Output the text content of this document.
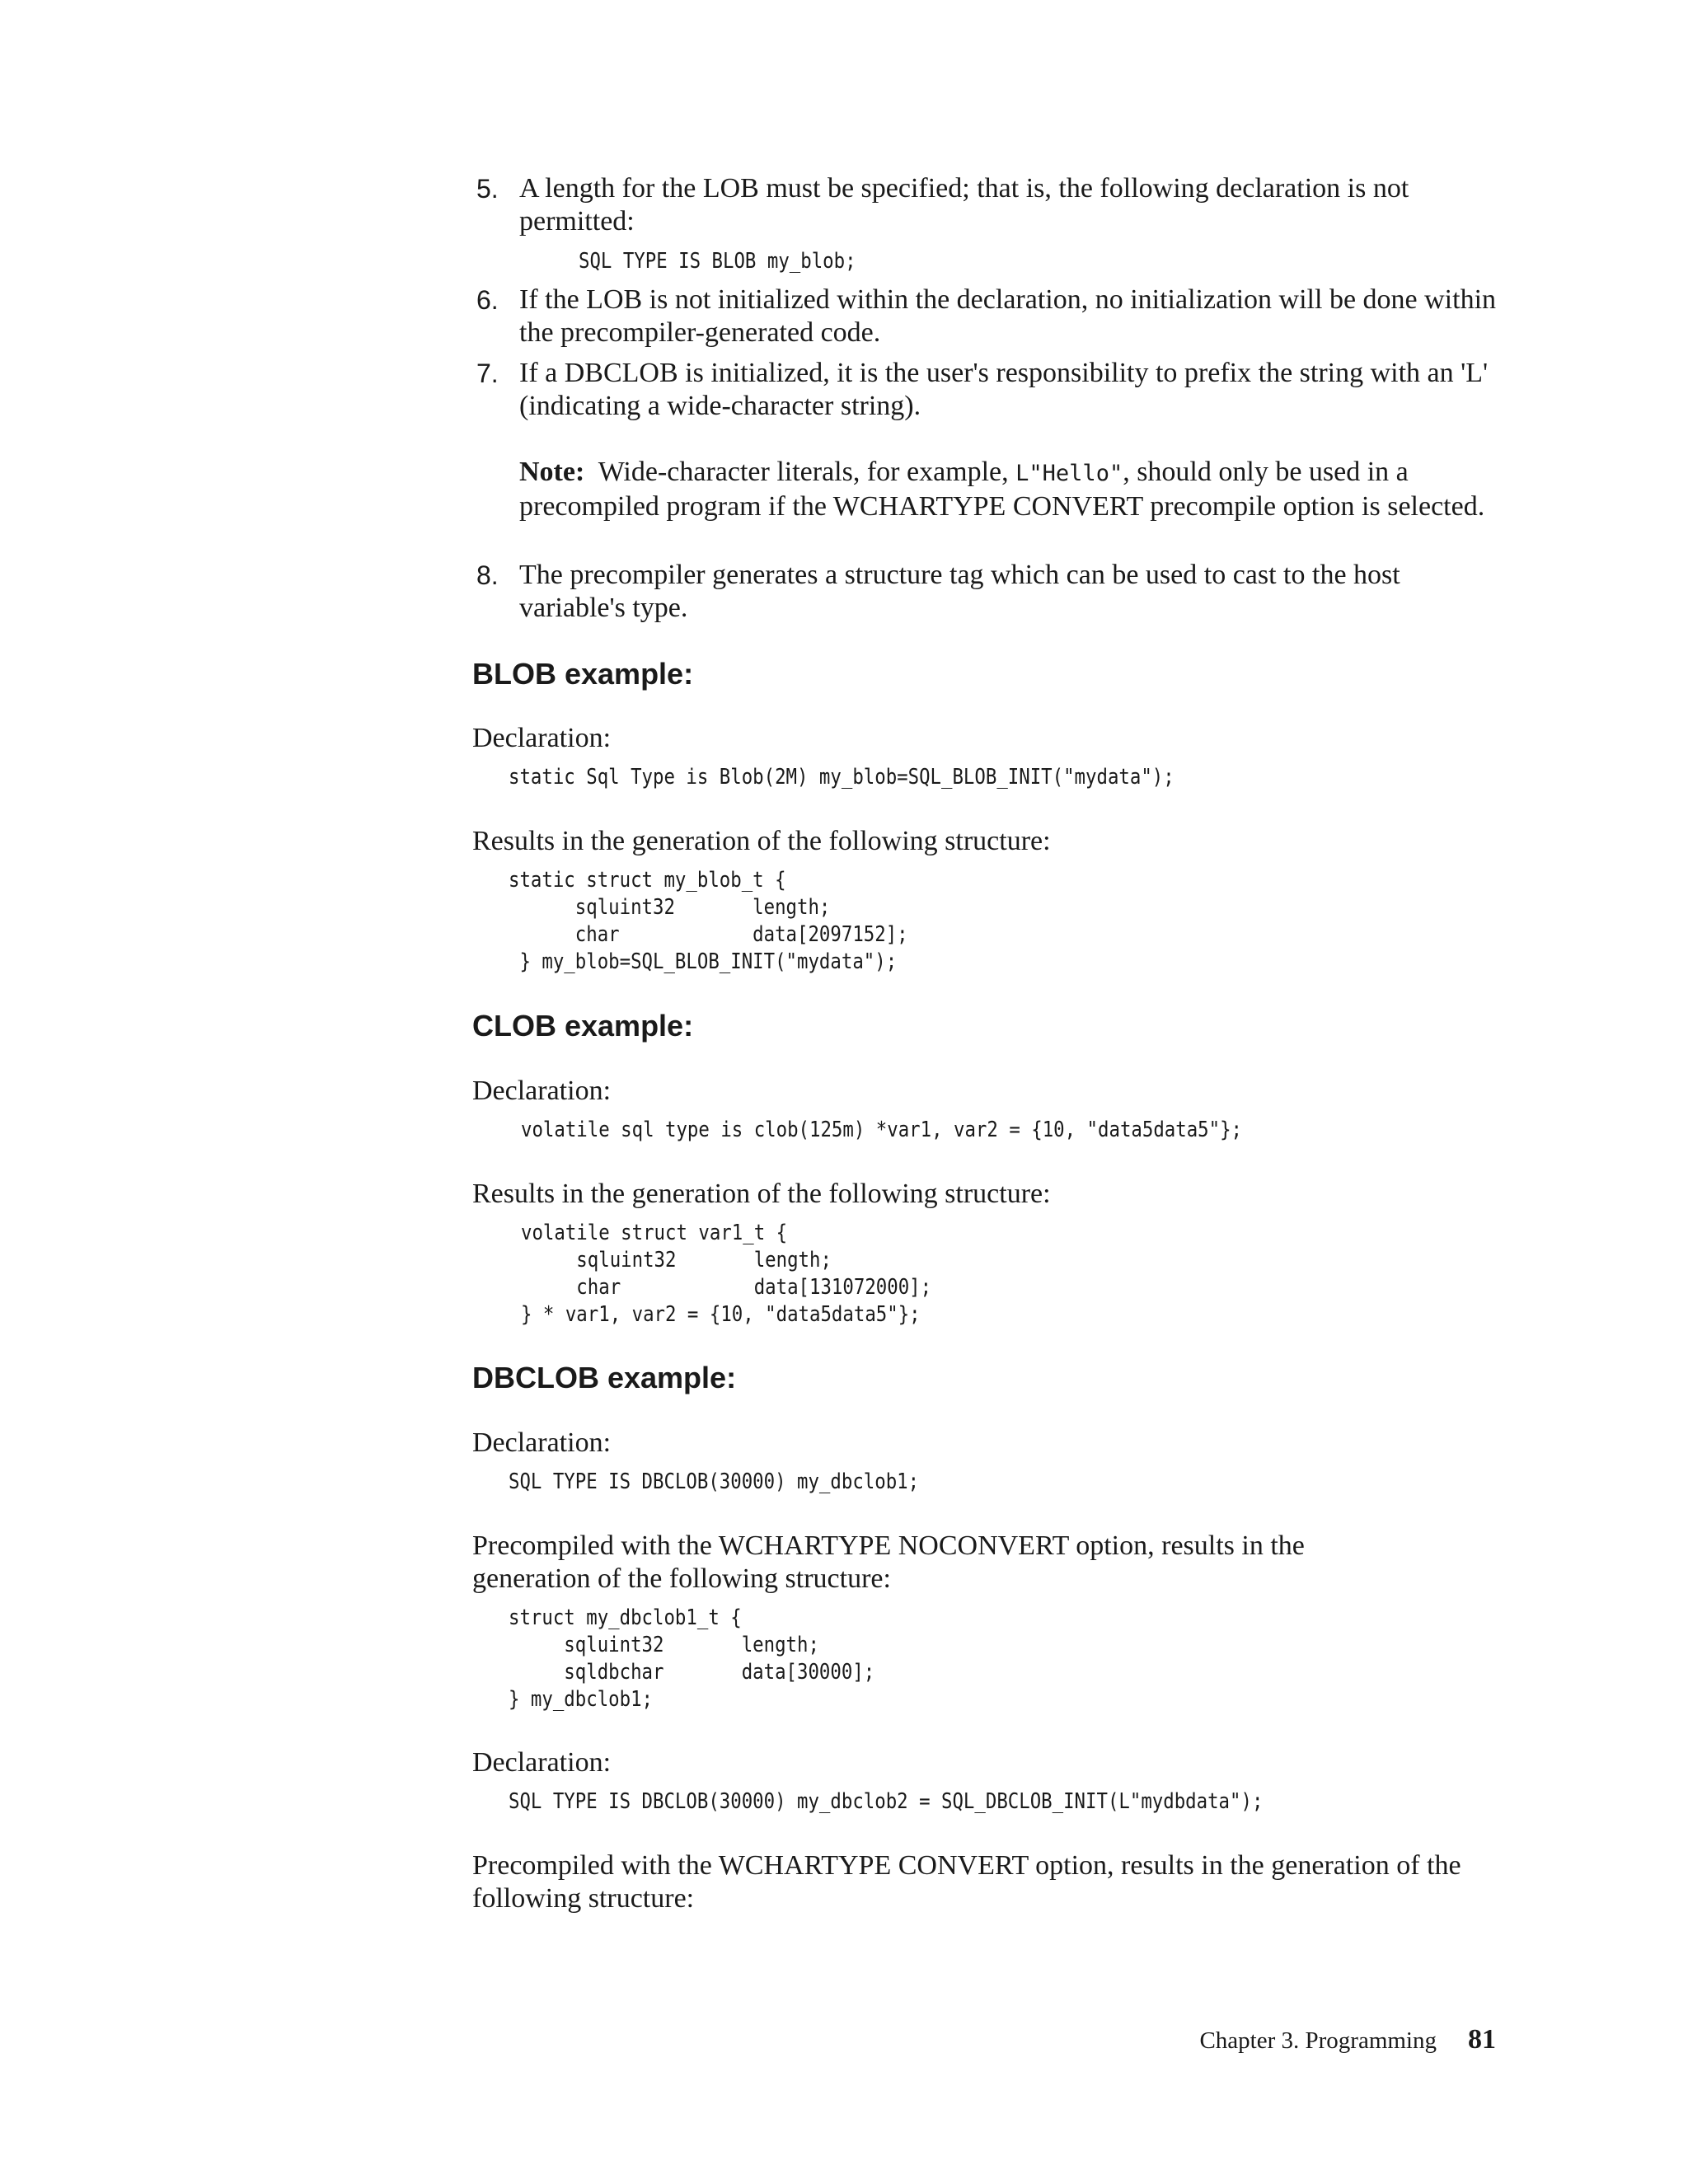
5. A length for the LOB must be specified; that is, the following declaration is not permitted:
SQL TYPE IS BLOB my_blob;
6. If the LOB is not initialized within the declaration, no initialization will be done within the precompiler-generated code.
7. If a DBCLOB is initialized, it is the user's responsibility to prefix the string with an 'L' (indicating a wide-character string).
Note: Wide-character literals, for example, L"Hello", should only be used in a precompiled program if the WCHARTYPE CONVERT precompile option is selected.
8. The precompiler generates a structure tag which can be used to cast to the host variable's type.
BLOB example:
Declaration:
static Sql Type is Blob(2M) my_blob=SQL_BLOB_INIT("mydata");
Results in the generation of the following structure:
static struct my_blob_t {
sqluint32       length;
char            data[2097152];
} my_blob=SQL_BLOB_INIT("mydata");
CLOB example:
Declaration:
volatile sql type is clob(125m) *var1, var2 = {10, "data5data5"};
Results in the generation of the following structure:
volatile struct var1_t {
sqluint32       length;
char            data[131072000];
} * var1, var2 = {10, "data5data5"};
DBCLOB example:
Declaration:
SQL TYPE IS DBCLOB(30000) my_dbclob1;
Precompiled with the WCHARTYPE NOCONVERT option, results in the generation of the following structure:
struct my_dbclob1_t {
sqluint32       length;
sqldbchar       data[30000];
} my_dbclob1;
Declaration:
SQL TYPE IS DBCLOB(30000) my_dbclob2 = SQL_DBCLOB_INIT(L"mydbdata");
Precompiled with the WCHARTYPE CONVERT option, results in the generation of the following structure:
Chapter 3. Programming 81
